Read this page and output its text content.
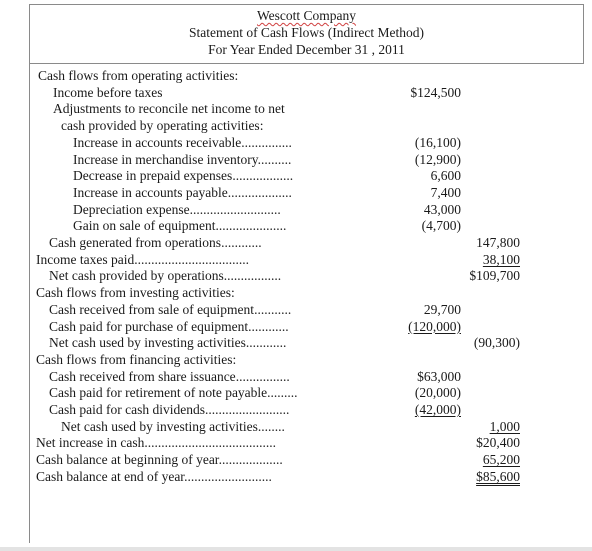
Wescott Company
Statement of Cash Flows (Indirect Method)
For Year Ended December 31 , 2011
Cash flows from operating activities:
Income before taxes	$124,500
Adjustments to reconcile net income to net
cash provided by operating activities:
Increase in accounts receivable...............	(16,100)
Increase in merchandise inventory..........	(12,900)
Decrease in prepaid expenses..................	6,600
Increase in accounts payable...................	7,400
Depreciation expense...........................	43,000
Gain on sale of equipment.....................	(4,700)
Cash generated from operations............	147,800
Income taxes paid..................................	38,100
Net cash provided by operations.................	$109,700
Cash flows from investing activities:
Cash received from sale of equipment...........	29,700
Cash paid for purchase of equipment............	(120,000)
Net cash used by investing activities............	(90,300)
Cash flows from financing activities:
Cash received from share issuance................	$63,000
Cash paid for retirement of note payable.........	(20,000)
Cash paid for cash dividends.........................	(42,000)
Net cash used by investing activities........	1,000
Net increase in cash.......................................	$20,400
Cash balance at beginning of year...................	65,200
Cash balance at end of year..........................	$85,600
